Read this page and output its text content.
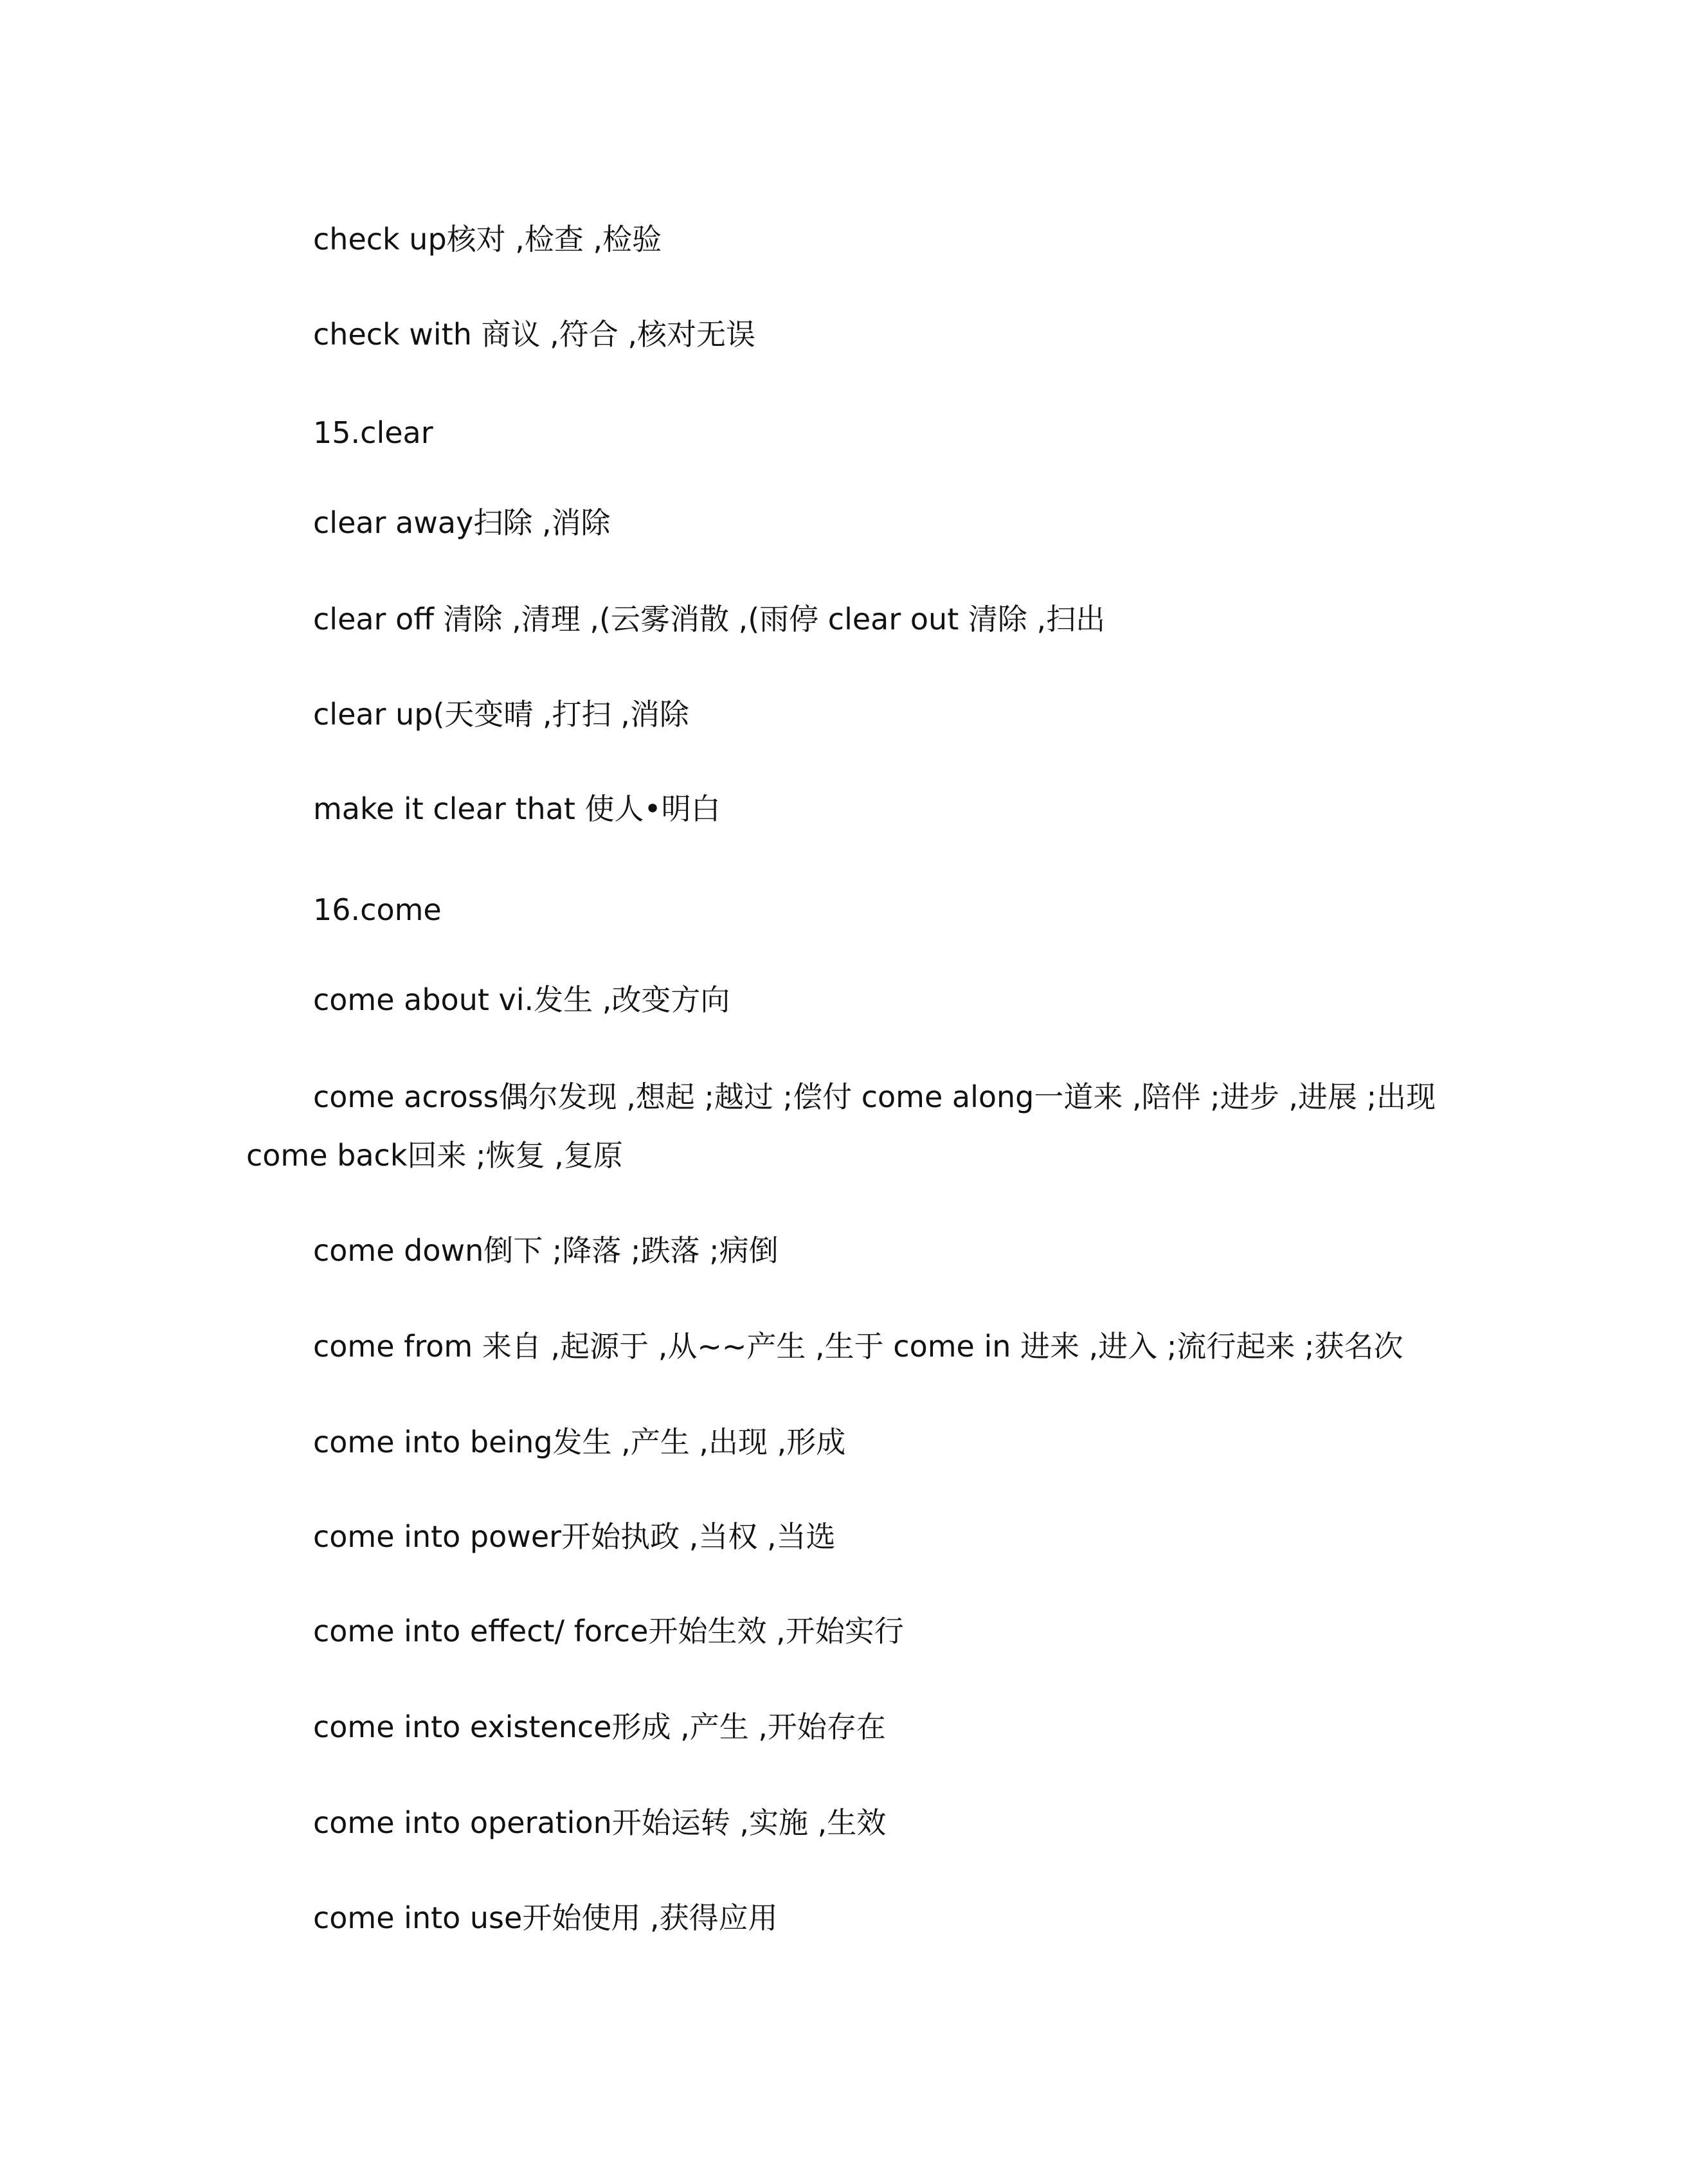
check up核对 ,检查 ,检验
check with 商议 ,符合 ,核对无误
15.clear
clear away扫除 ,消除
clear off 清除 ,清理 ,(云雾消散 ,(雨停 clear out 清除 ,扫出
clear up(天变晴 ,打扫 ,消除
make it clear that 使人•明白
16.come
come about vi.发生 ,改变方向
come across偶尔发现 ,想起 ;越过 ;偿付 come along一道来 ,陪伴 ;进步 ,进展 ;出现
come back回来 ;恢复 ,复原
come down倒下 ;降落 ;跌落 ;病倒
come from 来自 ,起源于 ,从~~产生 ,生于 come in 进来 ,进入 ;流行起来 ;获名次
come into being发生 ,产生 ,出现 ,形成
come into power开始执政 ,当权 ,当选
come into effect/ force开始生效 ,开始实行
come into existence形成 ,产生 ,开始存在
come into operation开始运转 ,实施 ,生效
come into use开始使用 ,获得应用
